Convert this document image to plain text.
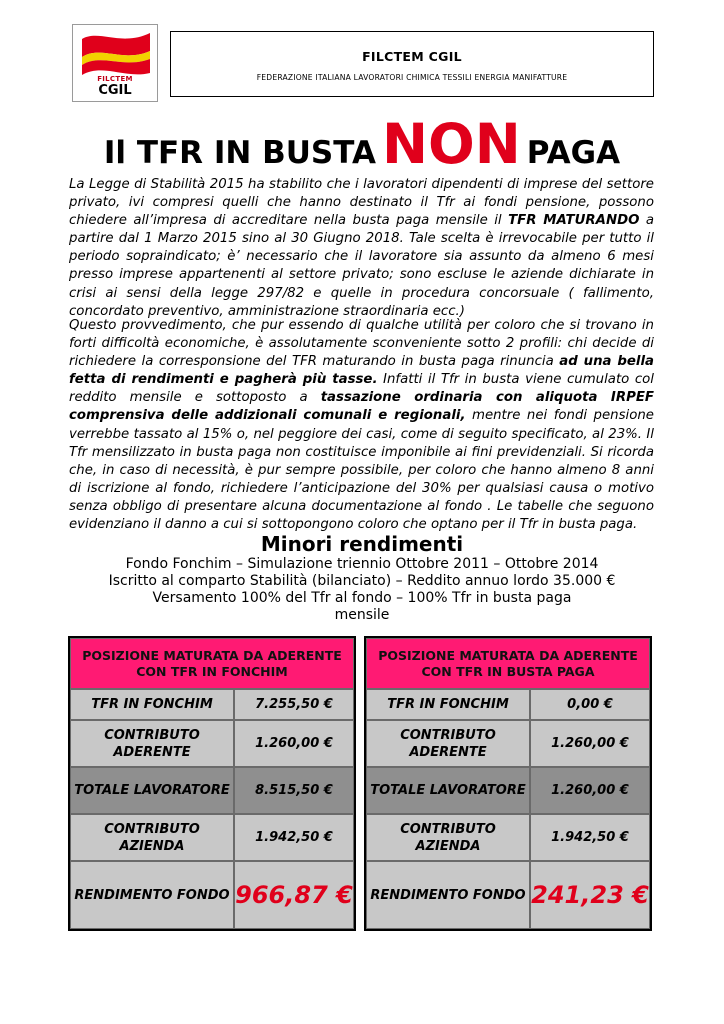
FILCTEM
CGIL
FILCTEM CGIL
FEDERAZIONE ITALIANA LAVORATORI CHIMICA TESSILI ENERGIA MANIFATTURE
Il TFR IN BUSTA NON PAGA
La Legge di Stabilità 2015 ha stabilito che i lavoratori dipendenti di imprese del settore privato, ivi compresi quelli che hanno destinato il Tfr ai fondi pensione, possono chiedere all’impresa di accreditare nella busta paga mensile il TFR MATURANDO a partire dal 1 Marzo 2015 sino al 30 Giugno 2018. Tale scelta è irrevocabile per tutto il periodo sopraindicato; è’ necessario che il lavoratore sia assunto da almeno 6 mesi presso imprese appartenenti al settore privato; sono escluse le aziende dichiarate in crisi ai sensi della legge 297/82 e quelle in procedura concorsuale ( fallimento, concordato preventivo, amministrazione straordinaria ecc.)
Questo provvedimento, che pur essendo di qualche utilità per coloro che si trovano in forti difficoltà economiche, è assolutamente sconveniente sotto 2 profili: chi decide di richiedere la corresponsione del TFR maturando in busta paga rinuncia ad una bella fetta di rendimenti e pagherà più tasse. Infatti il Tfr in busta viene cumulato col reddito mensile e sottoposto a tassazione ordinaria con aliquota IRPEF comprensiva delle addizionali comunali e regionali, mentre nei fondi pensione verrebbe tassato al 15% o, nel peggiore dei casi, come di seguito specificato, al 23%. Il Tfr mensilizzato in busta paga non costituisce imponibile ai fini previdenziali. Si ricorda che, in caso di necessità, è pur sempre possibile, per coloro che hanno almeno 8 anni di iscrizione al fondo, richiedere l’anticipazione del 30% per qualsiasi causa o motivo senza obbligo di presentare alcuna documentazione al fondo . Le tabelle che seguono evidenziano il danno a cui si sottopongono coloro che optano per il Tfr in busta paga.
Minori rendimenti
Fondo Fonchim – Simulazione triennio Ottobre 2011 – Ottobre 2014
Iscritto al comparto Stabilità (bilanciato) – Reddito annuo lordo 35.000 €
Versamento 100% del Tfr al fondo – 100% Tfr in busta paga
mensile
POSIZIONE MATURATA DA ADERENTE CON TFR IN FONCHIM	
TFR IN FONCHIM	7.255,50 €
CONTRIBUTO ADERENTE	1.260,00 €
TOTALE LAVORATORE	8.515,50 €
CONTRIBUTO AZIENDA	1.942,50 €
RENDIMENTO FONDO	966,87 €
POSIZIONE MATURATA DA ADERENTE CON TFR IN BUSTA PAGA	
TFR IN FONCHIM	0,00 €
CONTRIBUTO ADERENTE	1.260,00 €
TOTALE LAVORATORE	1.260,00 €
CONTRIBUTO AZIENDA	1.942,50 €
RENDIMENTO FONDO	241,23 €
